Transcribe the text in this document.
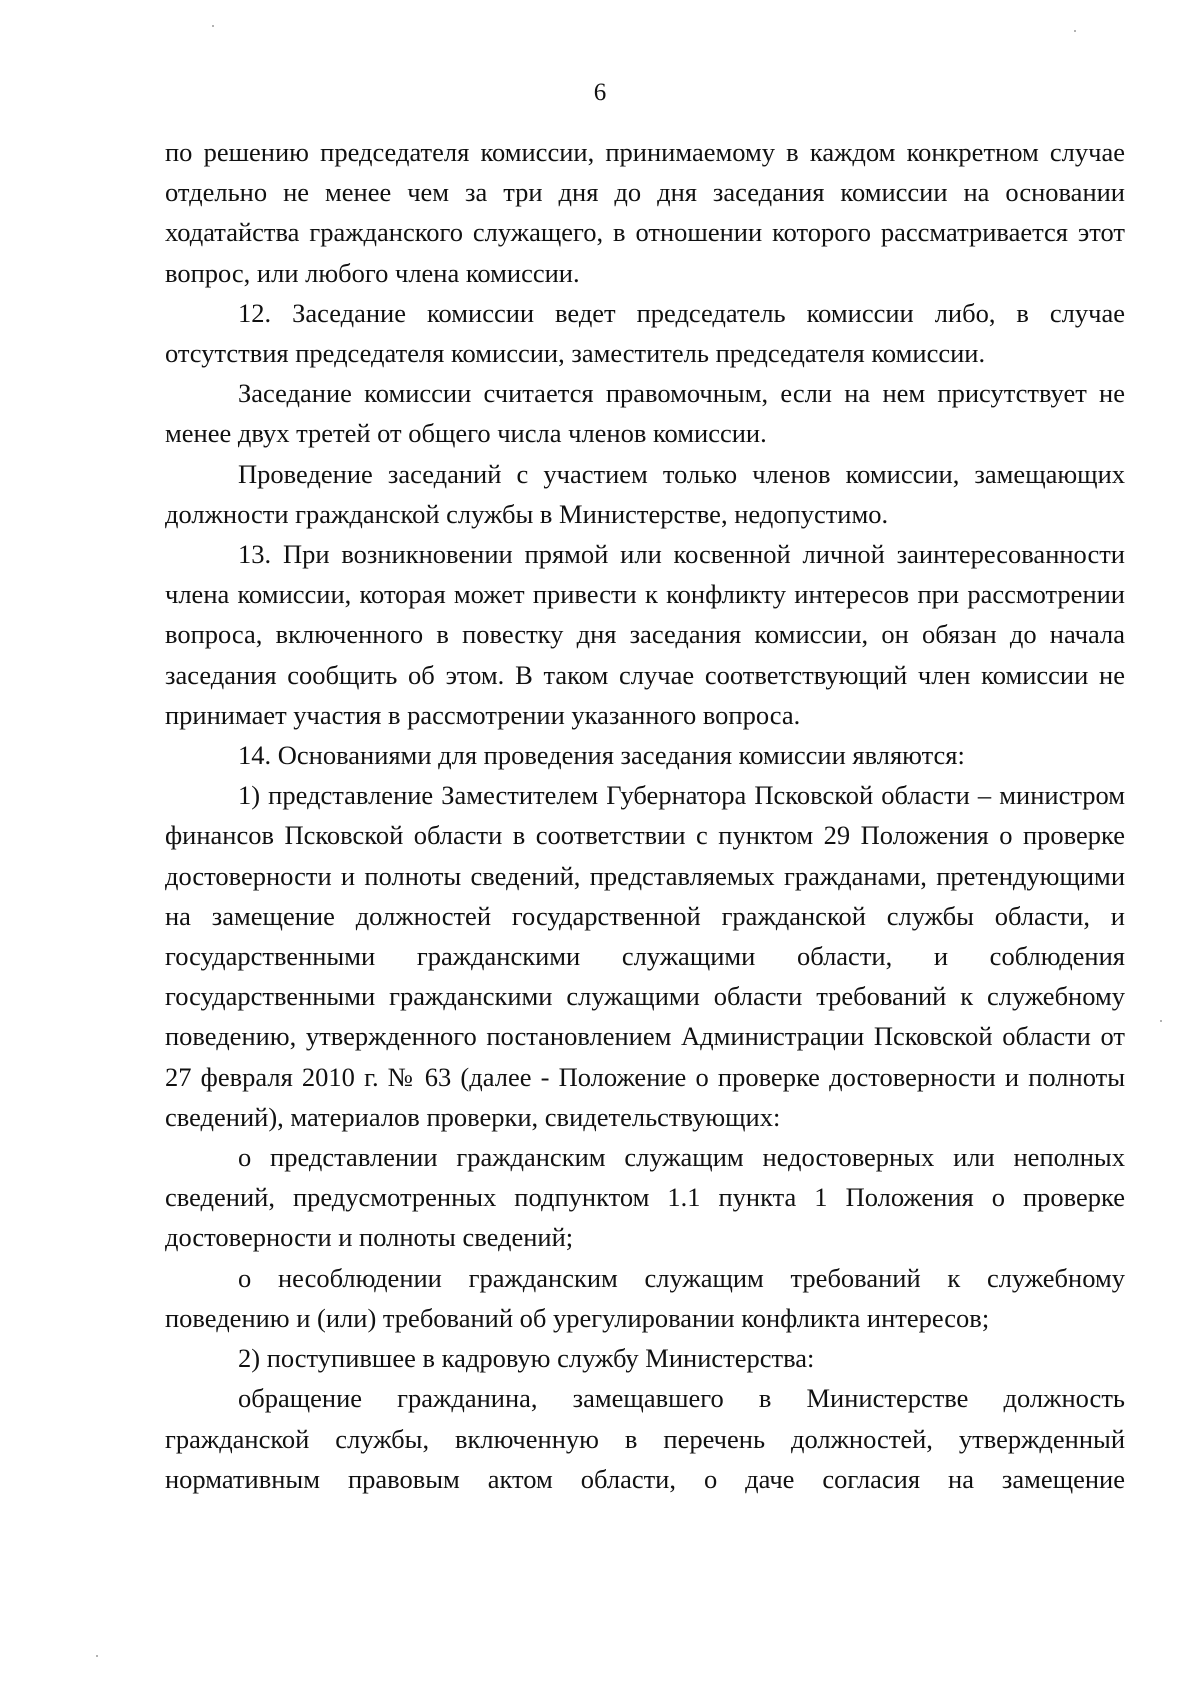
6

по решению председателя комиссии, принимаемому в каждом конкретном случае отдельно не менее чем за три дня до дня заседания комиссии на основании ходатайства гражданского служащего, в отношении которого рассматривается этот вопрос, или любого члена комиссии.

12. Заседание комиссии ведет председатель комиссии либо, в случае отсутствия председателя комиссии, заместитель председателя комиссии.

Заседание комиссии считается правомочным, если на нем присутствует не менее двух третей от общего числа членов комиссии.

Проведение заседаний с участием только членов комиссии, замещающих должности гражданской службы в Министерстве, недопустимо.

13. При возникновении прямой или косвенной личной заинтересованности члена комиссии, которая может привести к конфликту интересов при рассмотрении вопроса, включенного в повестку дня заседания комиссии, он обязан до начала заседания сообщить об этом. В таком случае соответствующий член комиссии не принимает участия в рассмотрении указанного вопроса.

14. Основаниями для проведения заседания комиссии являются:

1) представление Заместителем Губернатора Псковской области – министром финансов Псковской области в соответствии с пунктом 29 Положения о проверке достоверности и полноты сведений, представляемых гражданами, претендующими на замещение должностей государственной гражданской службы области, и государственными гражданскими служащими области, и соблюдения государственными гражданскими служащими области требований к служебному поведению, утвержденного постановлением Администрации Псковской области от 27 февраля 2010 г. № 63 (далее - Положение о проверке достоверности и полноты сведений), материалов проверки, свидетельствующих:

о представлении гражданским служащим недостоверных или неполных сведений, предусмотренных подпунктом 1.1 пункта 1 Положения о проверке достоверности и полноты сведений;

о несоблюдении гражданским служащим требований к служебному поведению и (или) требований об урегулировании конфликта интересов;

2) поступившее в кадровую службу Министерства:

обращение гражданина, замещавшего в Министерстве должность гражданской службы, включенную в перечень должностей, утвержденный нормативным правовым актом области, о даче согласия на замещение
